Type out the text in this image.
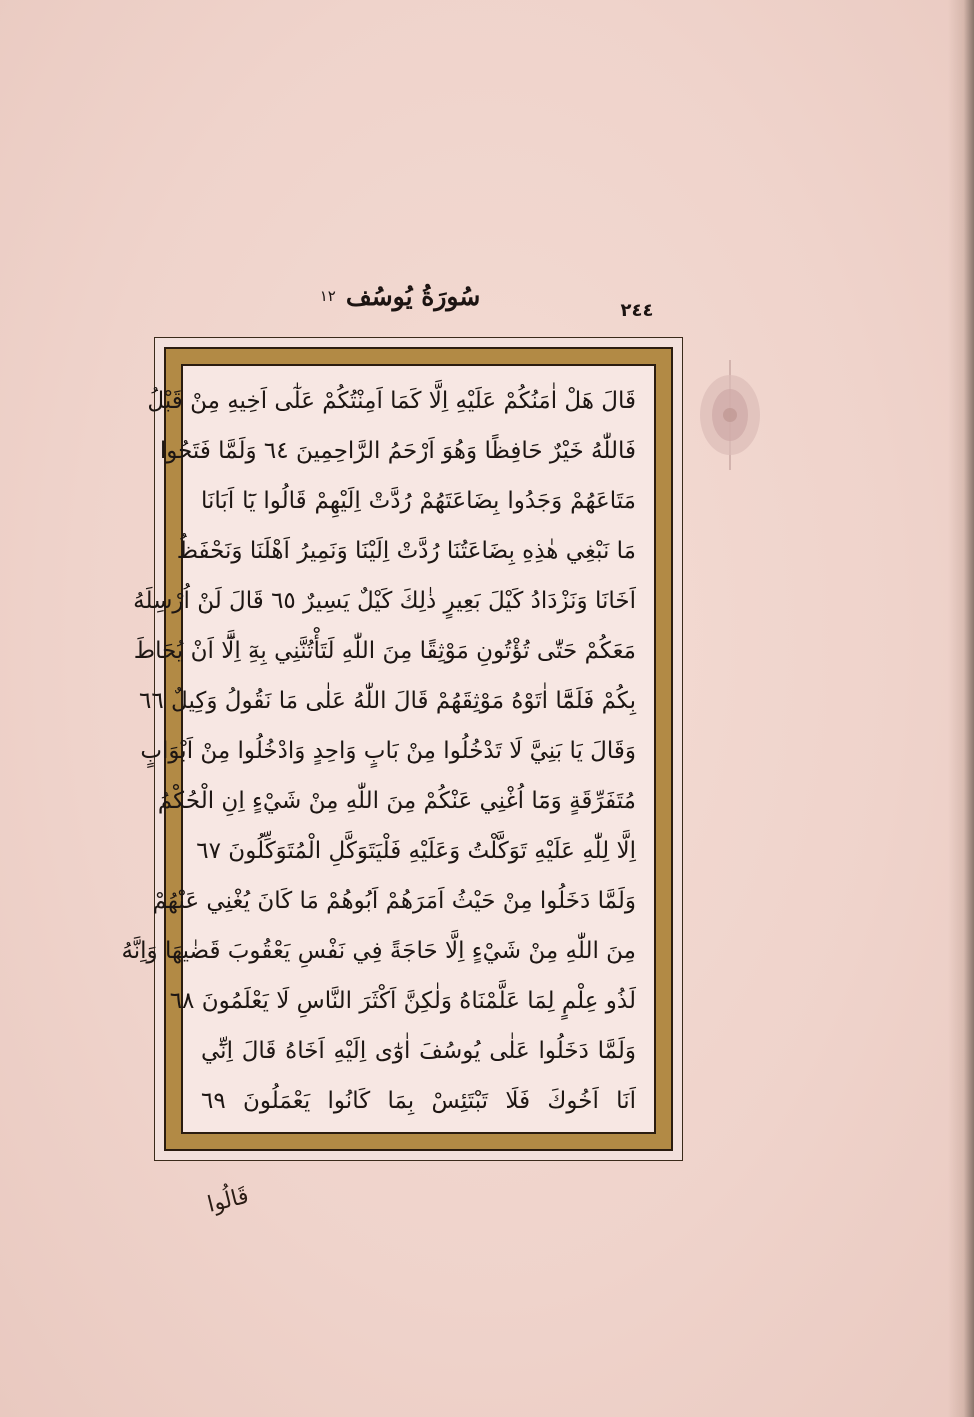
سُورَةُ يُوسُف
١٢
٢٤٤
قَالَ هَلْ اٰمَنُكُمْ عَلَيْهِ اِلَّا كَمَا اَمِنْتُكُمْ عَلٰٓى اَخِيهِ مِنْ قَبْلُ
فَاللّٰهُ خَيْرٌ حَافِظًا وَهُوَ اَرْحَمُ الرَّاحِمِينَ ٦٤ وَلَمَّا فَتَحُوا
مَتَاعَهُمْ وَجَدُوا بِضَاعَتَهُمْ رُدَّتْ اِلَيْهِمْ قَالُوا يَٓا اَبَانَا
مَا نَبْغِي هٰذِهِ بِضَاعَتُنَا رُدَّتْ اِلَيْنَا وَنَمِيرُ اَهْلَنَا وَنَحْفَظُ
اَخَانَا وَنَزْدَادُ كَيْلَ بَعِيرٍ ذٰلِكَ كَيْلٌ يَسِيرٌ ٦٥ قَالَ لَنْ اُرْسِلَهُ
مَعَكُمْ حَتّٰى تُؤْتُونِ مَوْثِقًا مِنَ اللّٰهِ لَتَأْتُنَّنِي بِهِٓ اِلَّٓا اَنْ يُحَاطَ
بِكُمْ فَلَمَّٓا اٰتَوْهُ مَوْثِقَهُمْ قَالَ اللّٰهُ عَلٰى مَا نَقُولُ وَكِيلٌ ٦٦
وَقَالَ يَا بَنِيَّ لَا تَدْخُلُوا مِنْ بَابٍ وَاحِدٍ وَادْخُلُوا مِنْ اَبْوَابٍ
مُتَفَرِّقَةٍ وَمَٓا اُغْنِي عَنْكُمْ مِنَ اللّٰهِ مِنْ شَيْءٍ اِنِ الْحُكْمُ
اِلَّا لِلّٰهِ عَلَيْهِ تَوَكَّلْتُ وَعَلَيْهِ فَلْيَتَوَكَّلِ الْمُتَوَكِّلُونَ ٦٧
وَلَمَّا دَخَلُوا مِنْ حَيْثُ اَمَرَهُمْ اَبُوهُمْ مَا كَانَ يُغْنِي عَنْهُمْ
مِنَ اللّٰهِ مِنْ شَيْءٍ اِلَّا حَاجَةً فِي نَفْسِ يَعْقُوبَ قَضٰيهَا وَاِنَّهُ
لَذُو عِلْمٍ لِمَا عَلَّمْنَاهُ وَلٰكِنَّ اَكْثَرَ النَّاسِ لَا يَعْلَمُونَ ٦٨
وَلَمَّا دَخَلُوا عَلٰى يُوسُفَ اٰوٰٓى اِلَيْهِ اَخَاهُ قَالَ اِنِّٓي
اَنَا اَخُوكَ فَلَا تَبْتَئِسْ بِمَا كَانُوا يَعْمَلُونَ ٦٩
قَالُوا
